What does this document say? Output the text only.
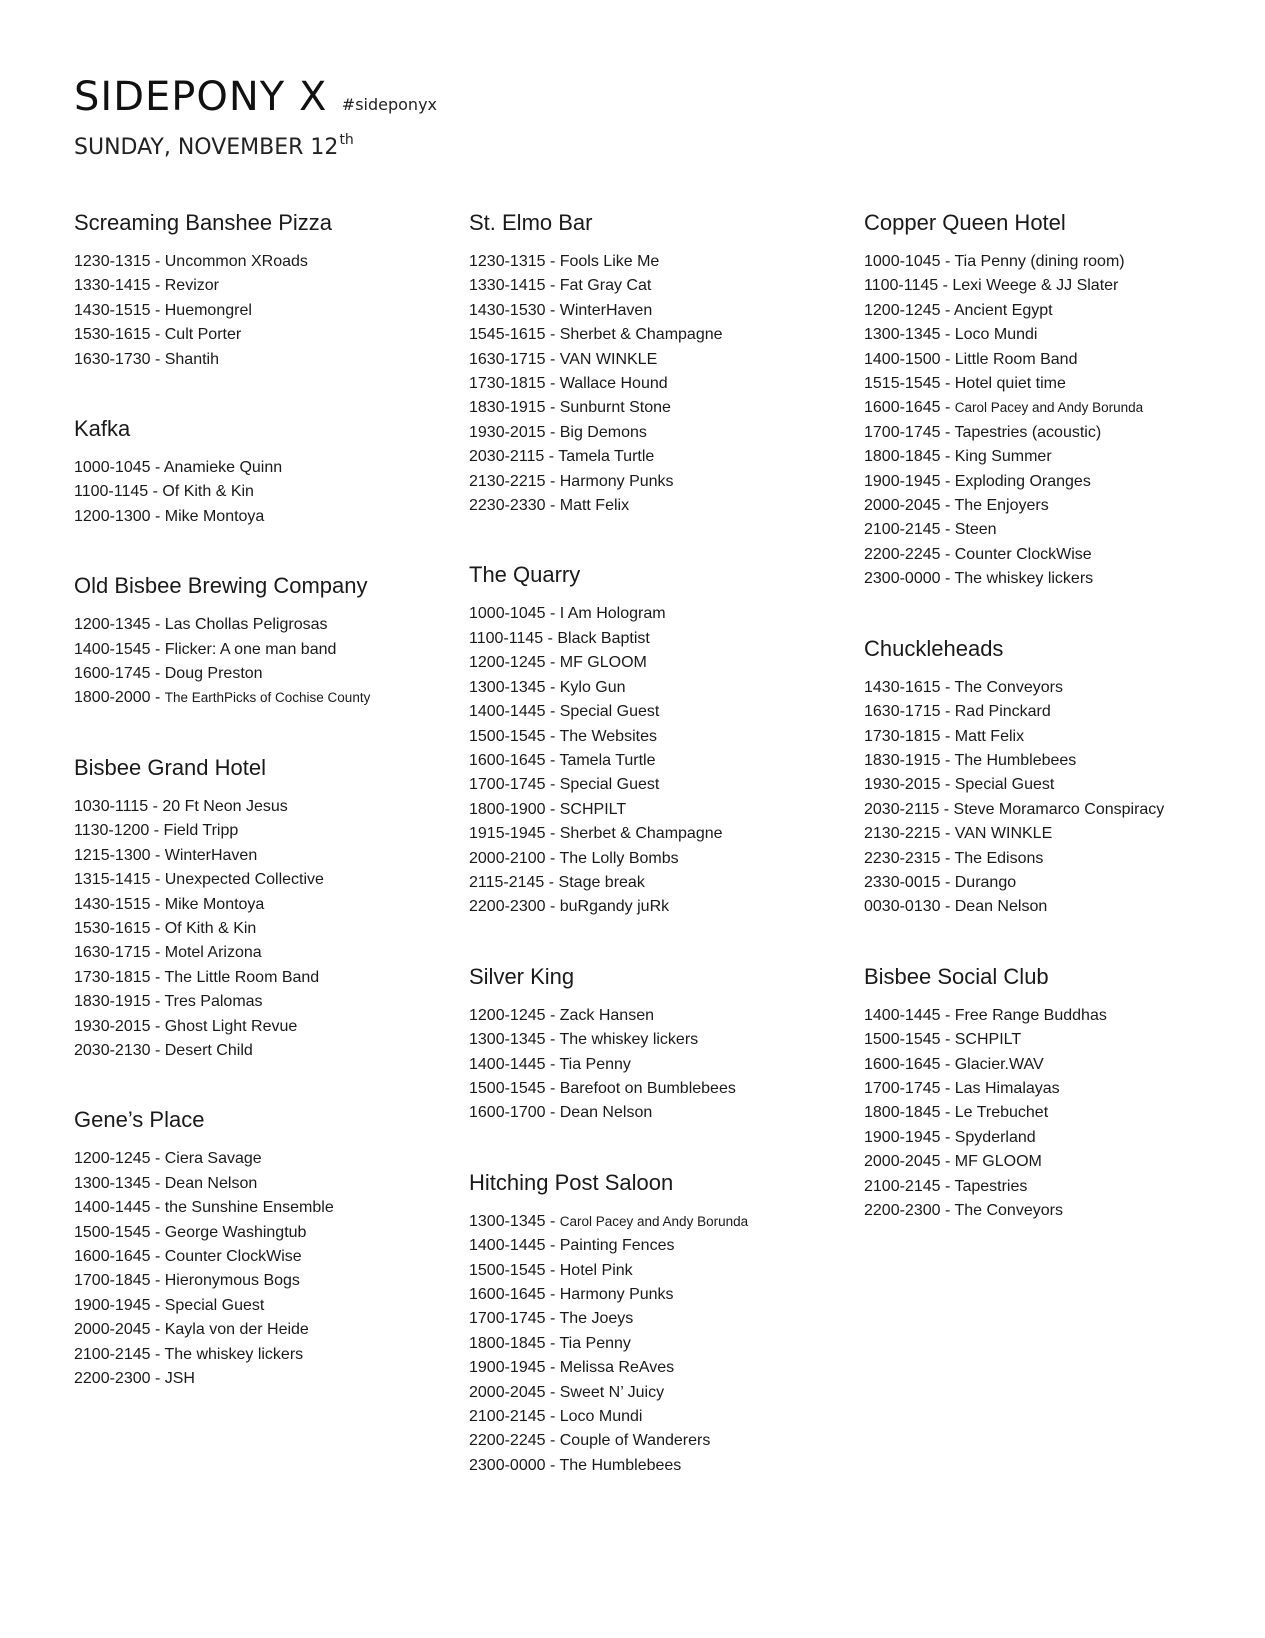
SIDEPONY X #sideponyx
SUNDAY, NOVEMBER 12th
Screaming Banshee Pizza
1230-1315 - Uncommon XRoads
1330-1415 - Revizor
1430-1515 - Huemongrel
1530-1615 - Cult Porter
1630-1730 - Shantih
Kafka
1000-1045 - Anamieke Quinn
1100-1145 - Of Kith & Kin
1200-1300 - Mike Montoya
Old Bisbee Brewing Company
1200-1345 - Las Chollas Peligrosas
1400-1545 - Flicker: A one man band
1600-1745 - Doug Preston
1800-2000 - The EarthPicks of Cochise County
Bisbee Grand Hotel
1030-1115 - 20 Ft Neon Jesus
1130-1200 - Field Tripp
1215-1300 - WinterHaven
1315-1415 - Unexpected Collective
1430-1515 - Mike Montoya
1530-1615 - Of Kith & Kin
1630-1715 - Motel Arizona
1730-1815 - The Little Room Band
1830-1915 - Tres Palomas
1930-2015 - Ghost Light Revue
2030-2130 - Desert Child
Gene’s Place
1200-1245 - Ciera Savage
1300-1345 - Dean Nelson
1400-1445 - the Sunshine Ensemble
1500-1545 - George Washingtub
1600-1645 - Counter ClockWise
1700-1845 - Hieronymous Bogs
1900-1945 - Special Guest
2000-2045 - Kayla von der Heide
2100-2145 - The whiskey lickers
2200-2300 - JSH
St. Elmo Bar
1230-1315 - Fools Like Me
1330-1415 - Fat Gray Cat
1430-1530 - WinterHaven
1545-1615 - Sherbet & Champagne
1630-1715 - VAN WINKLE
1730-1815 - Wallace Hound
1830-1915 - Sunburnt Stone
1930-2015 - Big Demons
2030-2115 - Tamela Turtle
2130-2215 - Harmony Punks
2230-2330 - Matt Felix
The Quarry
1000-1045 - I Am Hologram
1100-1145 - Black Baptist
1200-1245 - MF GLOOM
1300-1345 - Kylo Gun
1400-1445 - Special Guest
1500-1545 - The Websites
1600-1645 - Tamela Turtle
1700-1745 - Special Guest
1800-1900 - SCHPILT
1915-1945 - Sherbet & Champagne
2000-2100 - The Lolly Bombs
2115-2145 - Stage break
2200-2300 - buRgandy juRk
Silver King
1200-1245 - Zack Hansen
1300-1345 - The whiskey lickers
1400-1445 - Tia Penny
1500-1545 - Barefoot on Bumblebees
1600-1700 - Dean Nelson
Hitching Post Saloon
1300-1345 - Carol Pacey and Andy Borunda
1400-1445 - Painting Fences
1500-1545 - Hotel Pink
1600-1645 - Harmony Punks
1700-1745 - The Joeys
1800-1845 - Tia Penny
1900-1945 - Melissa ReAves
2000-2045 - Sweet N’ Juicy
2100-2145 - Loco Mundi
2200-2245 - Couple of Wanderers
2300-0000 - The Humblebees
Copper Queen Hotel
1000-1045 - Tia Penny (dining room)
1100-1145 - Lexi Weege & JJ Slater
1200-1245 - Ancient Egypt
1300-1345 - Loco Mundi
1400-1500 - Little Room Band
1515-1545 - Hotel quiet time
1600-1645 - Carol Pacey and Andy Borunda
1700-1745 - Tapestries (acoustic)
1800-1845 - King Summer
1900-1945 - Exploding Oranges
2000-2045 - The Enjoyers
2100-2145 - Steen
2200-2245 - Counter ClockWise
2300-0000 - The whiskey lickers
Chuckleheads
1430-1615 - The Conveyors
1630-1715 - Rad Pinckard
1730-1815 - Matt Felix
1830-1915 - The Humblebees
1930-2015 - Special Guest
2030-2115 - Steve Moramarco Conspiracy
2130-2215 - VAN WINKLE
2230-2315 - The Edisons
2330-0015 - Durango
0030-0130 - Dean Nelson
Bisbee Social Club
1400-1445 - Free Range Buddhas
1500-1545 - SCHPILT
1600-1645 - Glacier.WAV
1700-1745 - Las Himalayas
1800-1845 - Le Trebuchet
1900-1945 - Spyderland
2000-2045 - MF GLOOM
2100-2145 - Tapestries
2200-2300 - The Conveyors
